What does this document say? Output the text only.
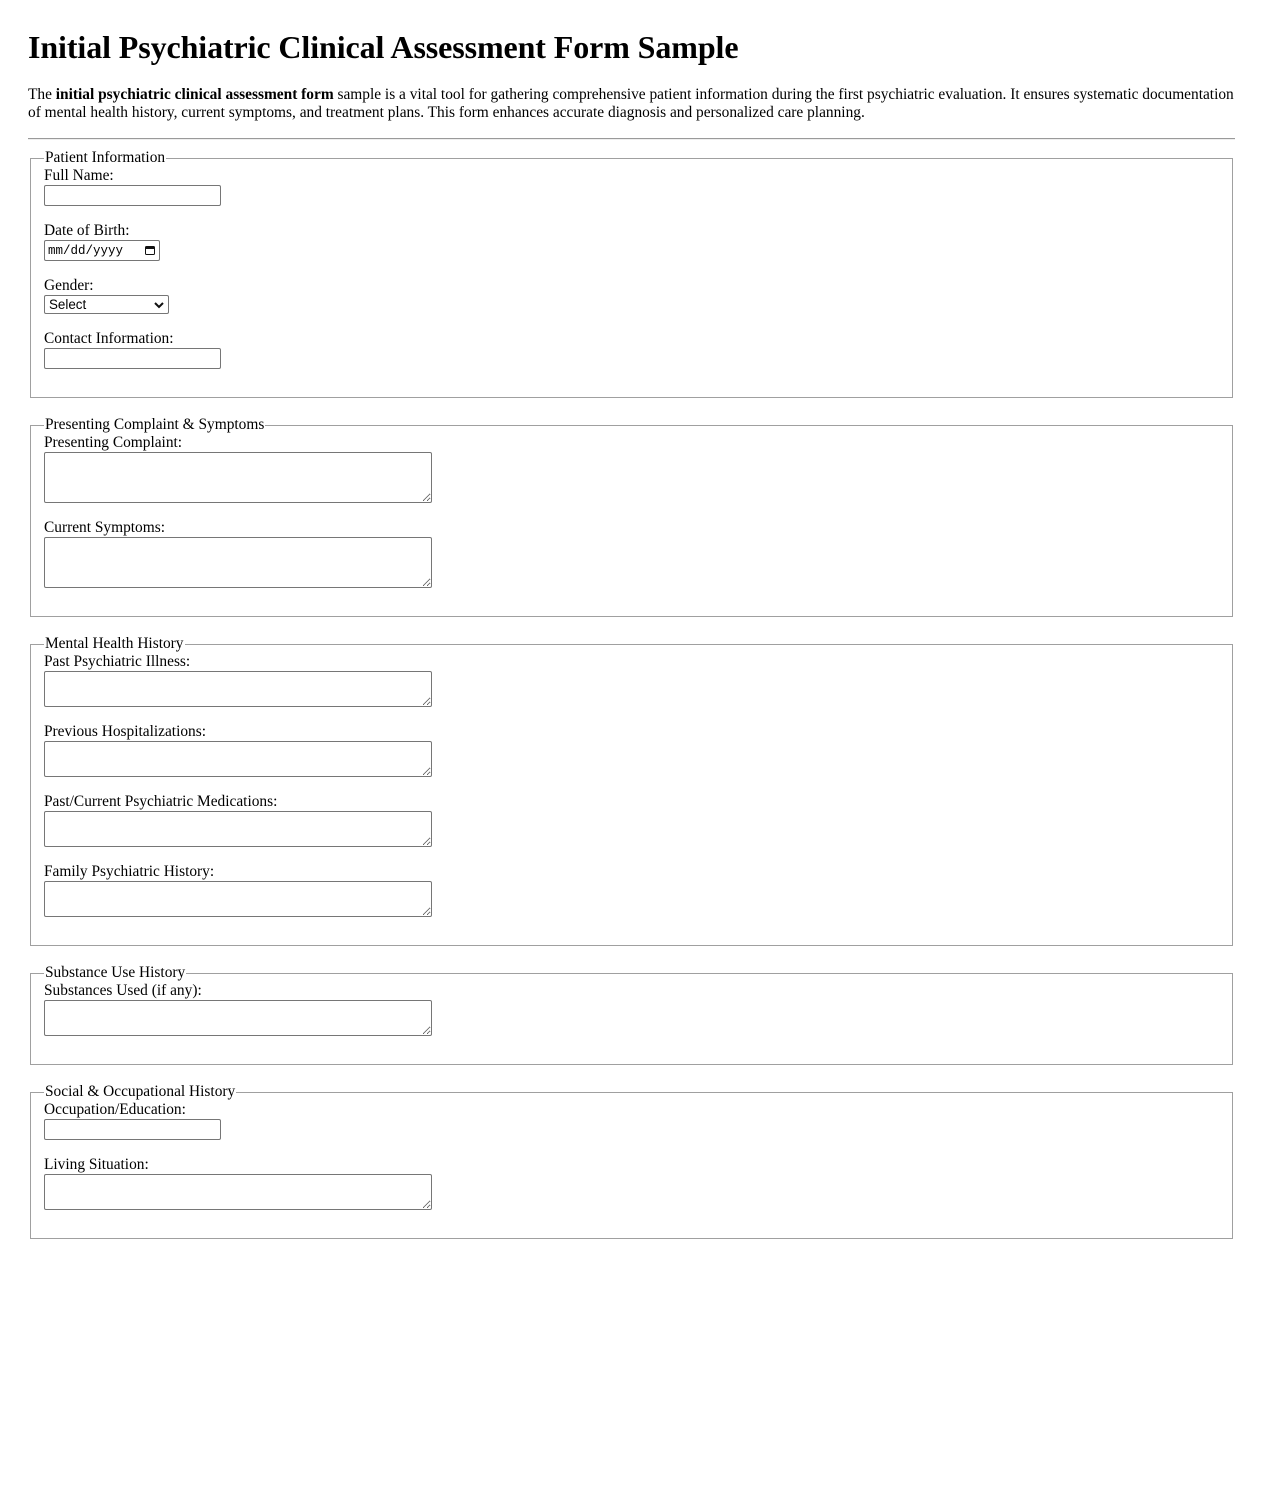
Initial Psychiatric Clinical Assessment Form Sample

The initial psychiatric clinical assessment form sample is a vital tool for gathering comprehensive patient information during the first psychiatric evaluation. It ensures systematic documentation of mental health history, current symptoms, and treatment plans. This form enhances accurate diagnosis and personalized care planning.

Patient Information
Full Name:
Date of Birth:
mm/dd/yyyy
Gender:
Select
Contact Information:
Presenting Complaint & Symptoms
Presenting Complaint:
Current Symptoms:
Mental Health History
Past Psychiatric Illness:
Previous Hospitalizations:
Past/Current Psychiatric Medications:
Family Psychiatric History:
Substance Use History
Substances Used (if any):
Social & Occupational History
Occupation/Education:
Living Situation:
